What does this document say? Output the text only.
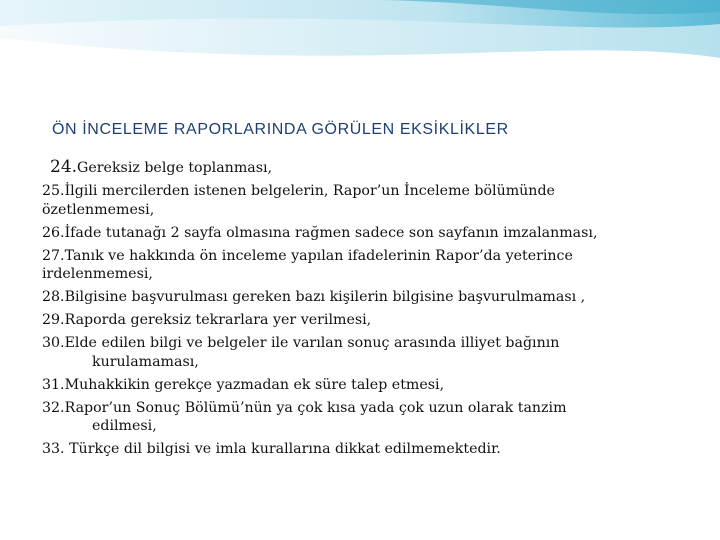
ÖN İNCELEME RAPORLARINDA GÖRÜLEN EKSİKLİKLER
24.Gereksiz belge toplanması,
25.İlgili mercilerden istenen belgelerin, Rapor’un İnceleme bölümünde
özetlenmemesi,
26.İfade tutanağı 2 sayfa olmasına rağmen sadece son sayfanın imzalanması,
27.Tanık ve hakkında ön inceleme yapılan ifadelerinin Rapor’da yeterince
irdelenmemesi,
28.Bilgisine başvurulması gereken bazı kişilerin bilgisine başvurulmaması ,
29.Raporda gereksiz tekrarlara yer verilmesi,
30.Elde edilen bilgi ve belgeler ile varılan sonuç arasında illiyet bağının
kurulamaması,
31.Muhakkikin gerekçe yazmadan ek süre talep etmesi,
32.Rapor’un Sonuç Bölümü’nün ya çok kısa yada çok uzun olarak tanzim
edilmesi,
33. Türkçe dil bilgisi ve imla kurallarına dikkat edilmemektedir.
